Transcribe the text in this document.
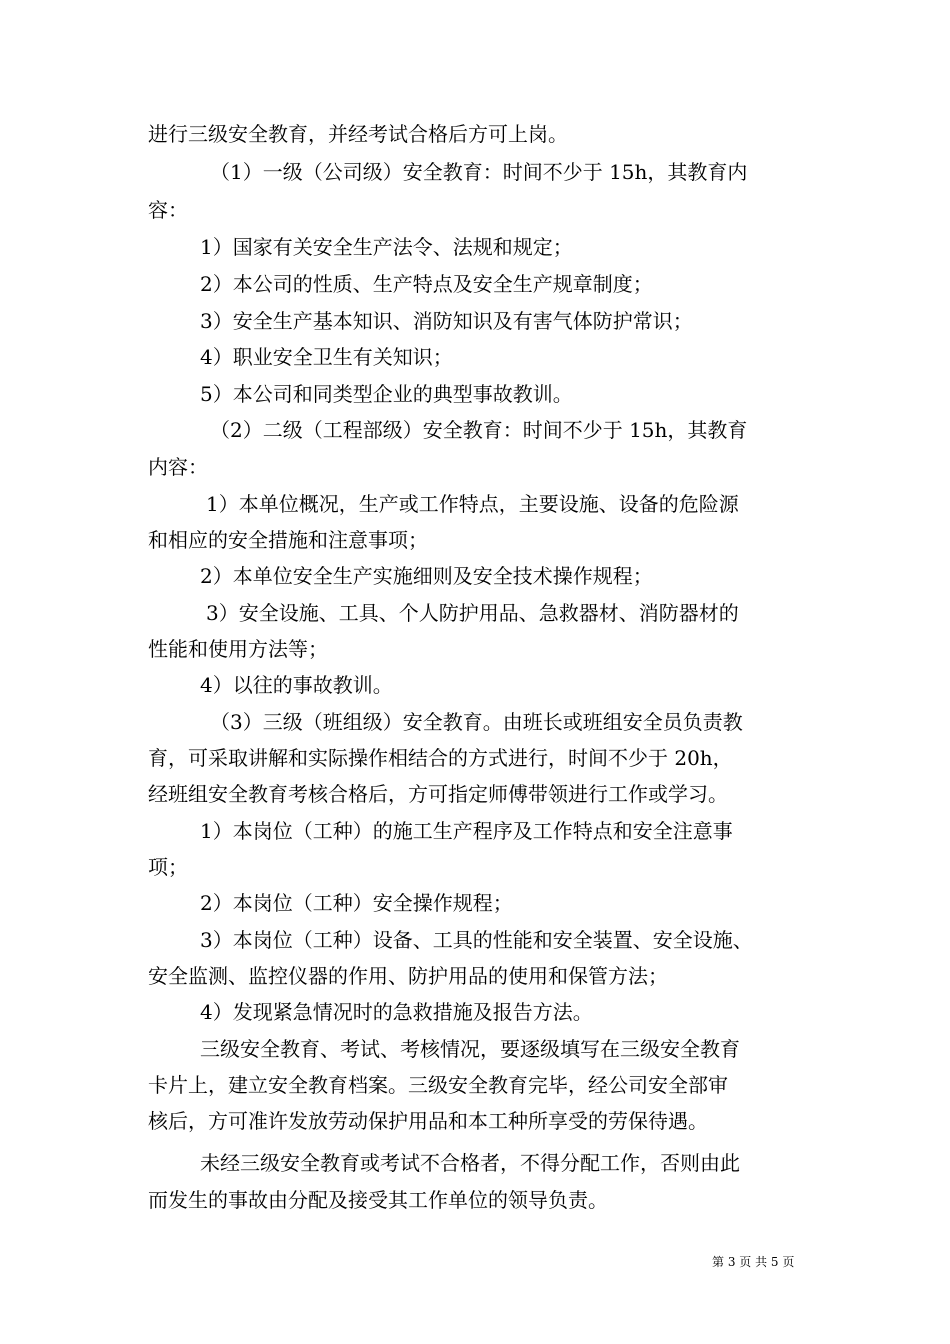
进行三级安全教育，并经考试合格后方可上岗。
（1）一级（公司级）安全教育：时间不少于 15h，其教育内
容：
1）国家有关安全生产法令、法规和规定；
2）本公司的性质、生产特点及安全生产规章制度；
3）安全生产基本知识、消防知识及有害气体防护常识；
4）职业安全卫生有关知识；
5）本公司和同类型企业的典型事故教训。
（2）二级（工程部级）安全教育：时间不少于 15h，其教育
内容：
1）本单位概况，生产或工作特点，主要设施、设备的危险源
和相应的安全措施和注意事项；
2）本单位安全生产实施细则及安全技术操作规程；
3）安全设施、工具、个人防护用品、急救器材、消防器材的
性能和使用方法等；
4）以往的事故教训。
（3）三级（班组级）安全教育。由班长或班组安全员负责教
育，可采取讲解和实际操作相结合的方式进行，时间不少于 20h，
经班组安全教育考核合格后，方可指定师傅带领进行工作或学习。
1）本岗位（工种）的施工生产程序及工作特点和安全注意事
项；
2）本岗位（工种）安全操作规程；
3）本岗位（工种）设备、工具的性能和安全装置、安全设施、
安全监测、监控仪器的作用、防护用品的使用和保管方法；
4）发现紧急情况时的急救措施及报告方法。
三级安全教育、考试、考核情况，要逐级填写在三级安全教育
卡片上，建立安全教育档案。三级安全教育完毕，经公司安全部审
核后，方可准许发放劳动保护用品和本工种所享受的劳保待遇。
未经三级安全教育或考试不合格者，不得分配工作，否则由此
而发生的事故由分配及接受其工作单位的领导负责。
第 3 页 共 5 页
